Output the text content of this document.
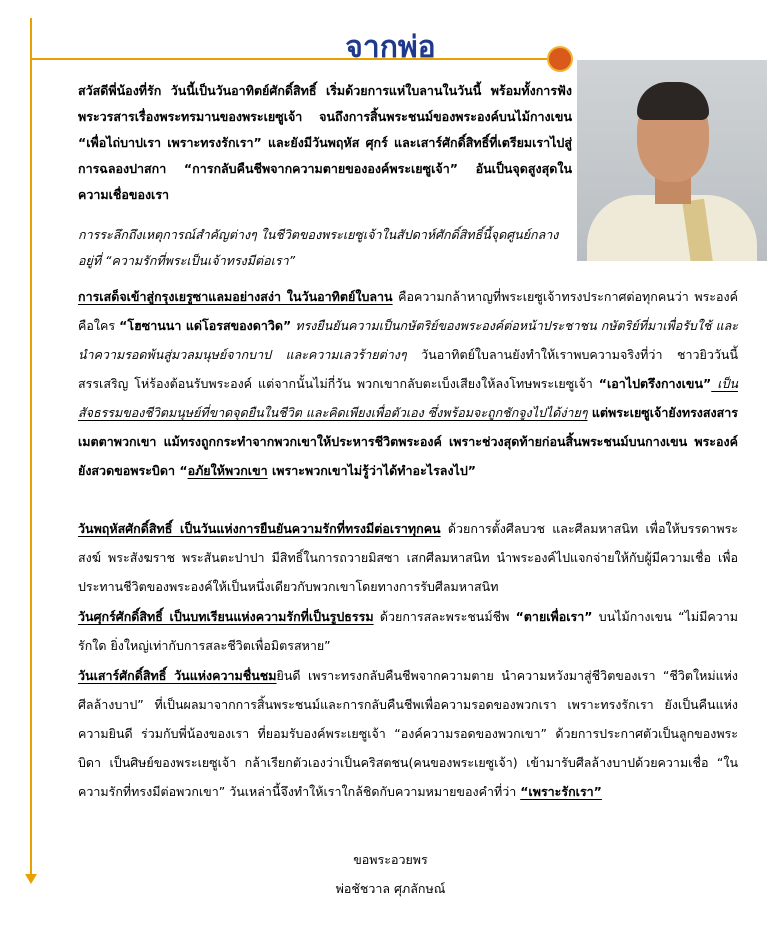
จากพ่อ
สวัสดีพี่น้องที่รัก วันนี้เป็นวันอาทิตย์ศักดิ์สิทธิ์ เริ่มด้วยการแห่ใบลานในวันนี้ พร้อมทั้งการฟังพระวรสารเรื่องพระทรมานของพระเยซูเจ้า จนถึงการสิ้นพระชนม์ของพระองค์บนไม้กางเขน “เพื่อไถ่บาปเรา เพราะทรงรักเรา” และยังมีวันพฤหัส ศุกร์ และเสาร์ศักดิ์สิทธิ์ที่เตรียมเราไปสู่การฉลองปาสกา “การกลับคืนชีพจากความตายขององค์พระเยซูเจ้า” อันเป็นจุดสูงสุดในความเชื่อของเรา
การระลึกถึงเหตุการณ์สำคัญต่างๆ ในชีวิตของพระเยซูเจ้าในสัปดาห์ศักดิ์สิทธิ์นี้จุดศูนย์กลางอยู่ที่ “ความรักที่พระเป็นเจ้าทรงมีต่อเรา”
การเสด็จเข้าสู่กรุงเยรูซาแลมอย่างสง่า ในวันอาทิตย์ใบลาน คือความกล้าหาญที่พระเยซูเจ้าทรงประกาศต่อทุกคนว่า พระองค์คือใคร “โฮซานนา แด่โอรสของดาวิด” ทรงยืนยันความเป็นกษัตริย์ของพระองค์ต่อหน้าประชาชน กษัตริย์ที่มาเพื่อรับใช้ และนำความรอดพ้นสู่มวลมนุษย์จากบาป และความเลวร้ายต่างๆ วันอาทิตย์ใบลานยังทำให้เราพบความจริงที่ว่า ชาวยิววันนี้สรรเสริญ โห่ร้องต้อนรับพระองค์ แต่จากนั้นไม่กี่วัน พวกเขากลับตะเบ็งเสียงให้ลงโทษพระเยซูเจ้า “เอาไปตรึงกางเขน” เป็นสัจธรรมของชีวิตมนุษย์ที่ขาดจุดยืนในชีวิต และคิดเพียงเพื่อตัวเอง ซึ่งพร้อมจะถูกชักจูงไปได้ง่ายๆ แต่พระเยซูเจ้ายังทรงสงสาร เมตตาพวกเขา แม้ทรงถูกกระทำจากพวกเขาให้ประหารชีวิตพระองค์ เพราะช่วงสุดท้ายก่อนสิ้นพระชนม์บนกางเขน พระองค์ยังสวดขอพระบิดา “อภัยให้พวกเขา เพราะพวกเขาไม่รู้ว่าได้ทำอะไรลงไป”
วันพฤหัสศักดิ์สิทธิ์ เป็นวันแห่งการยืนยันความรักที่ทรงมีต่อเราทุกคน ด้วยการตั้งศีลบวช และศีลมหาสนิท เพื่อให้บรรดาพระสงฆ์ พระสังฆราช พระสันตะปาปา มีสิทธิ์ในการถวายมิสซา เสกศีลมหาสนิท นำพระองค์ไปแจกจ่ายให้กับผู้มีความเชื่อ เพื่อประทานชีวิตของพระองค์ให้เป็นหนึ่งเดียวกับพวกเขาโดยทางการรับศีลมหาสนิท
วันศุกร์ศักดิ์สิทธิ์ เป็นบทเรียนแห่งความรักที่เป็นรูปธรรม ด้วยการสละพระชนม์ชีพ “ตายเพื่อเรา” บนไม้กางเขน “ไม่มีความรักใด ยิ่งใหญ่เท่ากับการสละชีวิตเพื่อมิตรสหาย”
วันเสาร์ศักดิ์สิทธิ์ วันแห่งความชื่นชมยินดี เพราะทรงกลับคืนชีพจากความตาย นำความหวังมาสู่ชีวิตของเรา “ชีวิตใหม่แห่งศีลล้างบาป” ที่เป็นผลมาจากการสิ้นพระชนม์และการกลับคืนชีพเพื่อความรอดของพวกเรา เพราะทรงรักเรา ยังเป็นคืนแห่งความยินดี ร่วมกับพี่น้องของเรา ที่ยอมรับองค์พระเยซูเจ้า “องค์ความรอดของพวกเขา” ด้วยการประกาศตัวเป็นลูกของพระบิดา เป็นศิษย์ของพระเยซูเจ้า กล้าเรียกตัวเองว่าเป็นคริสตชน(คนของพระเยซูเจ้า) เข้ามารับศีลล้างบาปด้วยความเชื่อ “ในความรักที่ทรงมีต่อพวกเขา” วันเหล่านี้จึงทำให้เราใกล้ชิดกับความหมายของคำที่ว่า “เพราะรักเรา”
ขอพระอวยพร
พ่อชัชวาล ศุภลักษณ์
